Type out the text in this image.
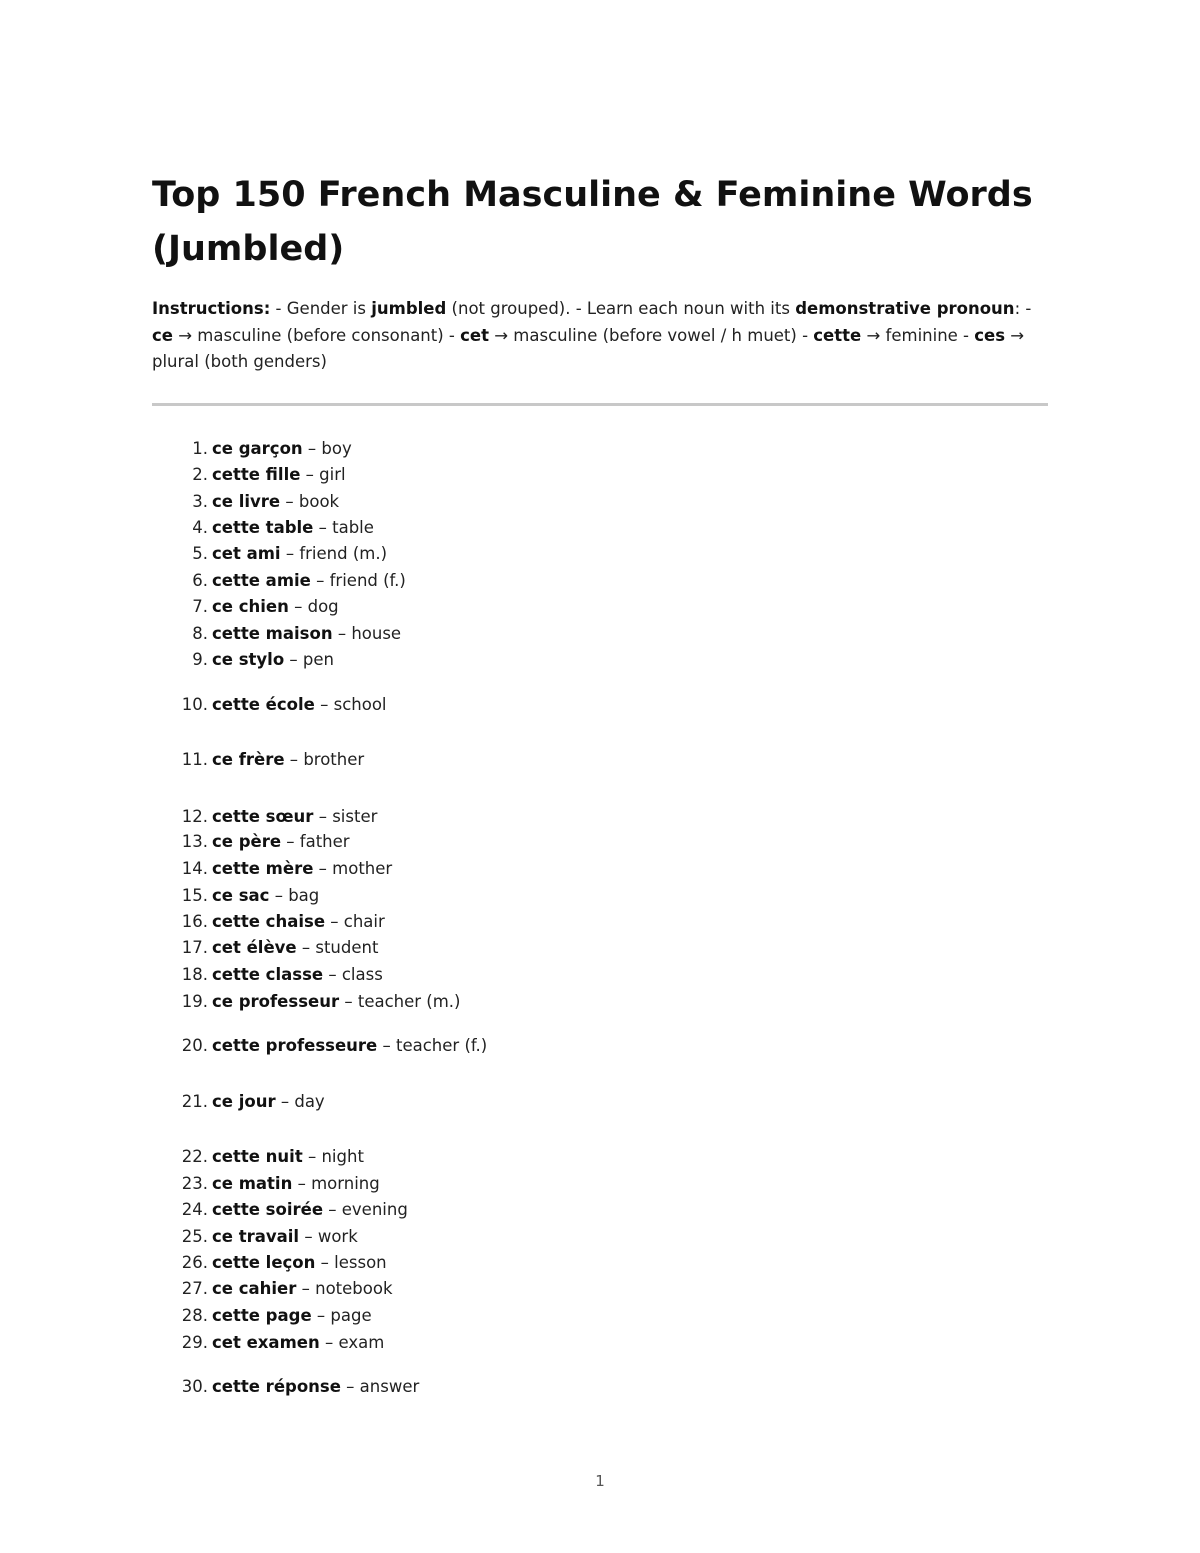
Top 150 French Masculine & Feminine Words (Jumbled)

Instructions: - Gender is jumbled (not grouped). - Learn each noun with its demonstrative pronoun: - ce → masculine (before consonant) - cet → masculine (before vowel / h muet) - cette → feminine - ces → plural (both genders)

1. ce garçon – boy
2. cette fille – girl
3. ce livre – book
4. cette table – table
5. cet ami – friend (m.)
6. cette amie – friend (f.)
7. ce chien – dog
8. cette maison – house
9. ce stylo – pen
10. cette école – school
11. ce frère – brother
12. cette sœur – sister
13. ce père – father
14. cette mère – mother
15. ce sac – bag
16. cette chaise – chair
17. cet élève – student
18. cette classe – class
19. ce professeur – teacher (m.)
20. cette professeure – teacher (f.)
21. ce jour – day
22. cette nuit – night
23. ce matin – morning
24. cette soirée – evening
25. ce travail – work
26. cette leçon – lesson
27. ce cahier – notebook
28. cette page – page
29. cet examen – exam
30. cette réponse – answer
1
